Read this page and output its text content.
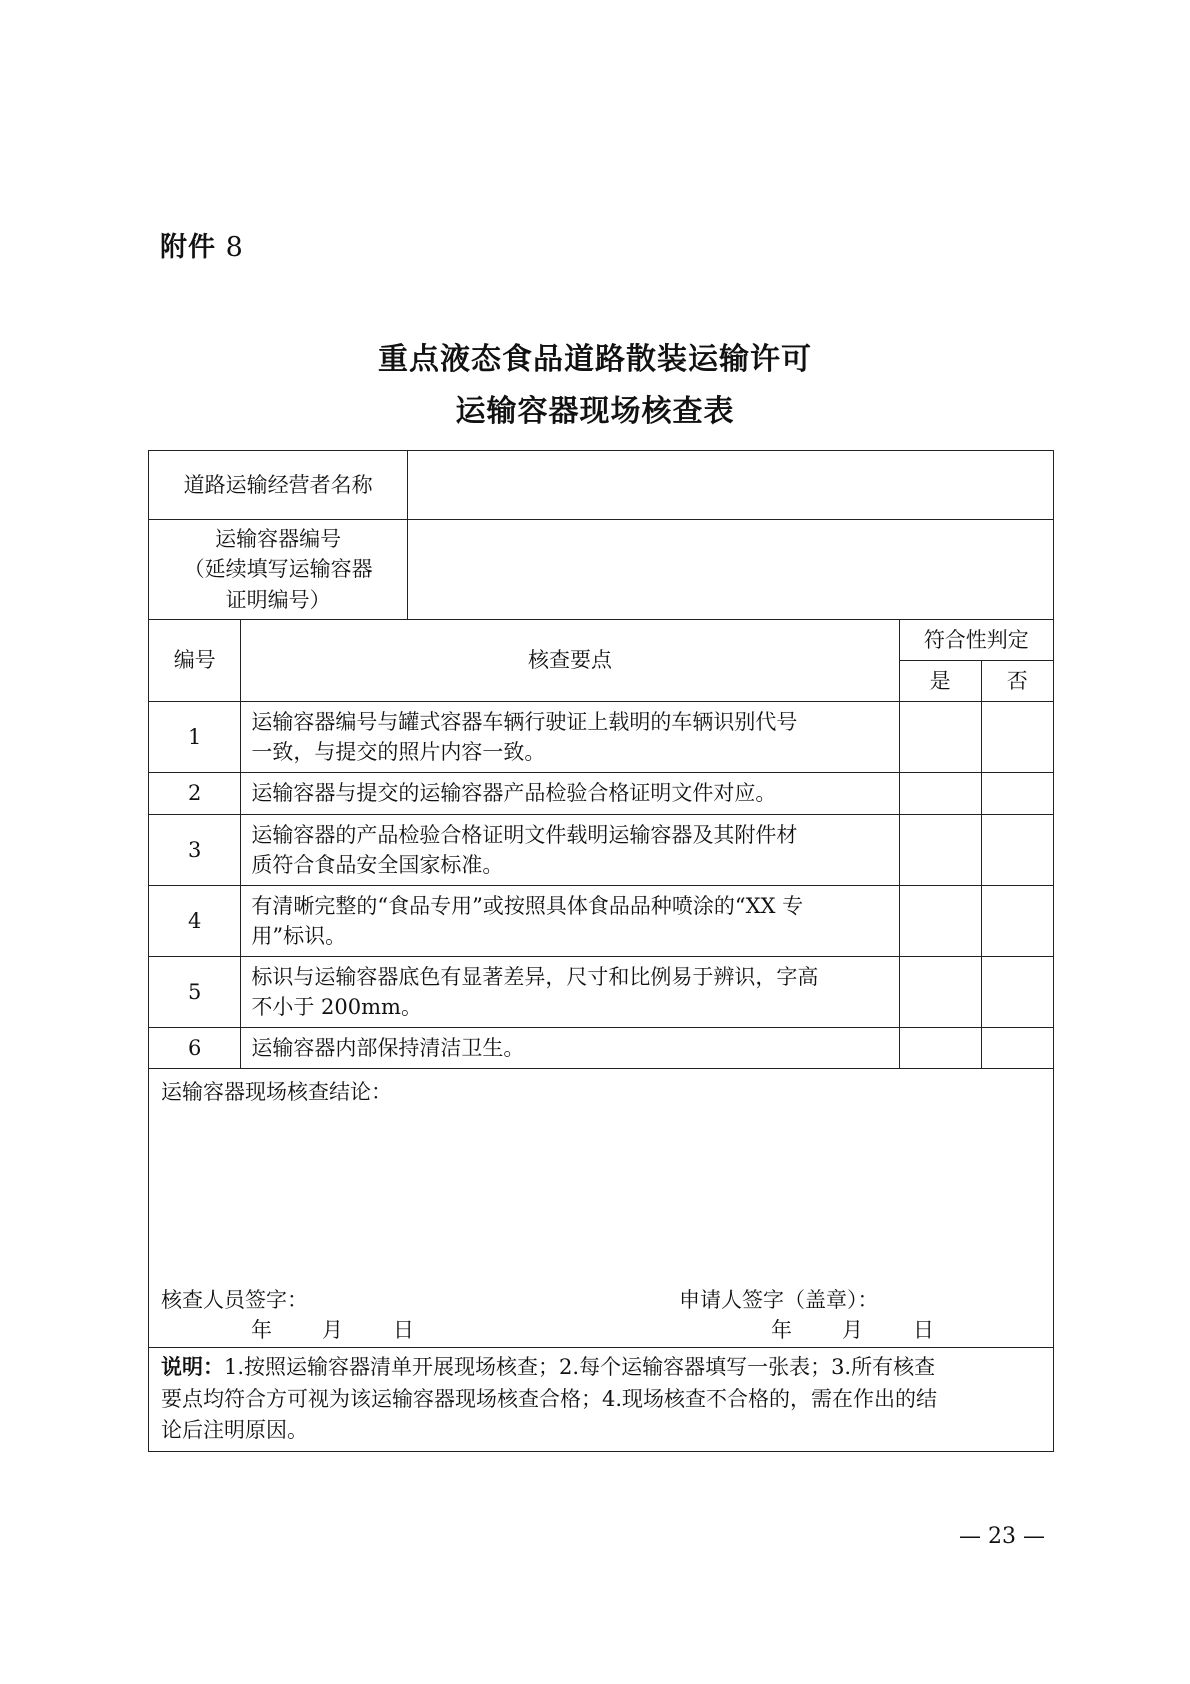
附件 8
重点液态食品道路散装运输许可
运输容器现场核查表
道路运输经营者名称				

运输容器编号
（延续填写运输容器
证明编号）				

编号	核查要点		符合性判定	
			是	否
1	运输容器编号与罐式容器车辆行驶证上载明的车辆识别代号
一致，与提交的照片内容一致。			

2	运输容器与提交的运输容器产品检验合格证明文件对应。			

3	运输容器的产品检验合格证明文件载明运输容器及其附件材
质符合食品安全国家标准。			

4	有清晰完整的“食品专用”或按照具体食品品种喷涂的“XX 专
用”标识。			

5	标识与运输容器底色有显著差异，尺寸和比例易于辨识，字高
不小于 200mm。			

6	运输容器内部保持清洁卫生。			

运输容器现场核查结论：
核查人员签字：
年 月 日
申请人签字（盖章）：
年 月 日				

说明：1.按照运输容器清单开展现场核查；2.每个运输容器填写一张表；3.所有核查
要点均符合方可视为该运输容器现场核查合格；4.现场核查不合格的，需在作出的结
论后注明原因。				
— 23 —
